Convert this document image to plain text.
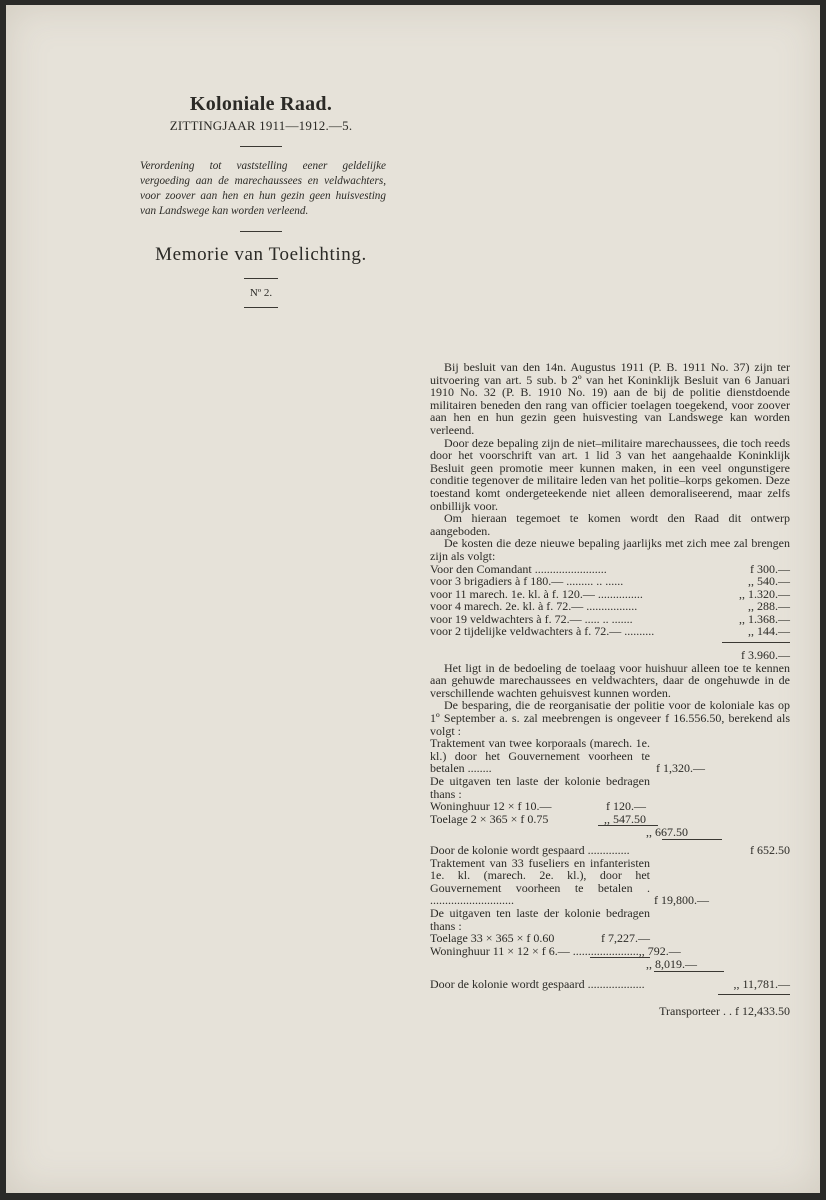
Koloniale Raad.

ZITTINGJAAR 1911—1912.—5.

Verordening tot vaststelling eener geldelijke vergoeding aan de marechaussees en veldwachters, voor zoover aan hen en hun gezin geen huisvesting van Landswege kan worden verleend.

Memorie van Toelichting.

Nº 2.

Bij besluit van den 14n. Augustus 1911 (P. B. 1911 No. 37) zijn ter uitvoering van art. 5 sub. b 2º van het Koninklijk Besluit van 6 Januari 1910 No. 32 (P. B. 1910 No. 19) aan de bij de politie dienstdoende militairen beneden den rang van officier toelagen toegekend, voor zoover aan hen en hun gezin geen huisvesting van Landswege kan worden verleend.

Door deze bepaling zijn de niet–militaire marechaussees, die toch reeds door het voorschrift van art. 1 lid 3 van het aangehaalde Koninklijk Besluit geen promotie meer kunnen maken, in een veel ongunstigere conditie tegenover de militaire leden van het politie–korps gekomen. Deze toestand komt ondergeteekende niet alleen demoraliseerend, maar zelfs onbillijk voor.

Om hieraan tegemoet te komen wordt den Raad dit ontwerp aangeboden.

De kosten die deze nieuwe bepaling jaarlijks met zich mee zal brengen zijn als volgt:

Voor den Comandant ........................	f 300.—
voor 3 brigadiers à f 180.— ......... .. ......	,, 540.—
voor 11 marech. 1e. kl. à f. 120.— ...............	,, 1.320.—
voor 4 marech. 2e. kl. à f. 72.— .................	,, 288.—
voor 19 veldwachters à f. 72.— ..... .. .......	,, 1.368.—
voor 2 tijdelijke veldwachters à f. 72.— ..........	,, 144.—
f 3.960.—

Het ligt in de bedoeling de toelaag voor huishuur alleen toe te kennen aan gehuwde marechaussees en veldwachters, daar de ongehuwde in de verschillende wachten gehuisvest kunnen worden.

De besparing, die de reorganisatie der politie voor de koloniale kas op 1º September a. s. zal meebrengen is ongeveer f 16.556.50, berekend als volgt :

Traktement van twee korporaals (marech. 1e. kl.) door het Gouvernement voorheen te betalen ........	f 1,320.—
De uitgaven ten laste der kolonie bedragen thans :
Woninghuur 12 × f 10.—	f 120.—
Toelage 2 × 365 × f 0.75	,, 547.50
,, 667.50
Door de kolonie wordt gespaard ..............	f 652.50
Traktement van 33 fuseliers en infanteristen 1e. kl. (marech. 2e. kl.), door het Gouvernement voorheen te betalen . ............................	f 19,800.—
De uitgaven ten laste der kolonie bedragen thans :
Toelage 33 × 365 × f 0.60	f 7,227.—
Woninghuur 11 × 12 × f 6.— ...................... ,, 792.—
,, 8,019.—
Door de kolonie wordt gespaard ...................	,, 11,781.—
Transporteer . . f 12,433.50
